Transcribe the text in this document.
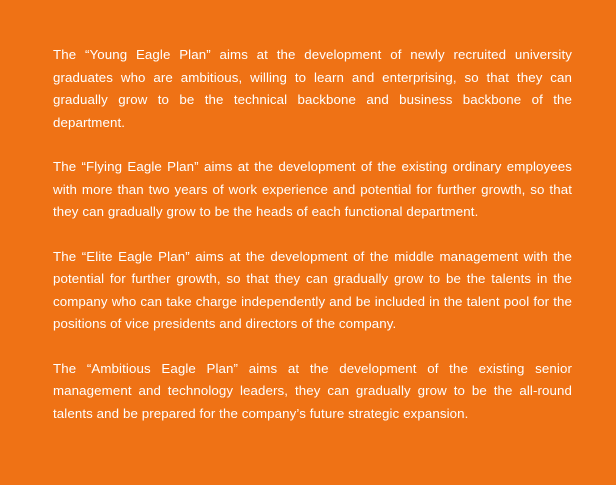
The “Young Eagle Plan” aims at the development of newly recruited university graduates who are ambitious, willing to learn and enterprising, so that they can gradually grow to be the technical backbone and business backbone of the department.

The “Flying Eagle Plan” aims at the development of the existing ordinary employees with more than two years of work experience and potential for further growth, so that they can gradually grow to be the heads of each functional department.

The “Elite Eagle Plan” aims at the development of the middle management with the potential for further growth, so that they can gradually grow to be the talents in the company who can take charge independently and be included in the talent pool for the positions of vice presidents and directors of the company.

The “Ambitious Eagle Plan” aims at the development of the existing senior management and technology leaders, they can gradually grow to be the all-round talents and be prepared for the company’s future strategic expansion.
